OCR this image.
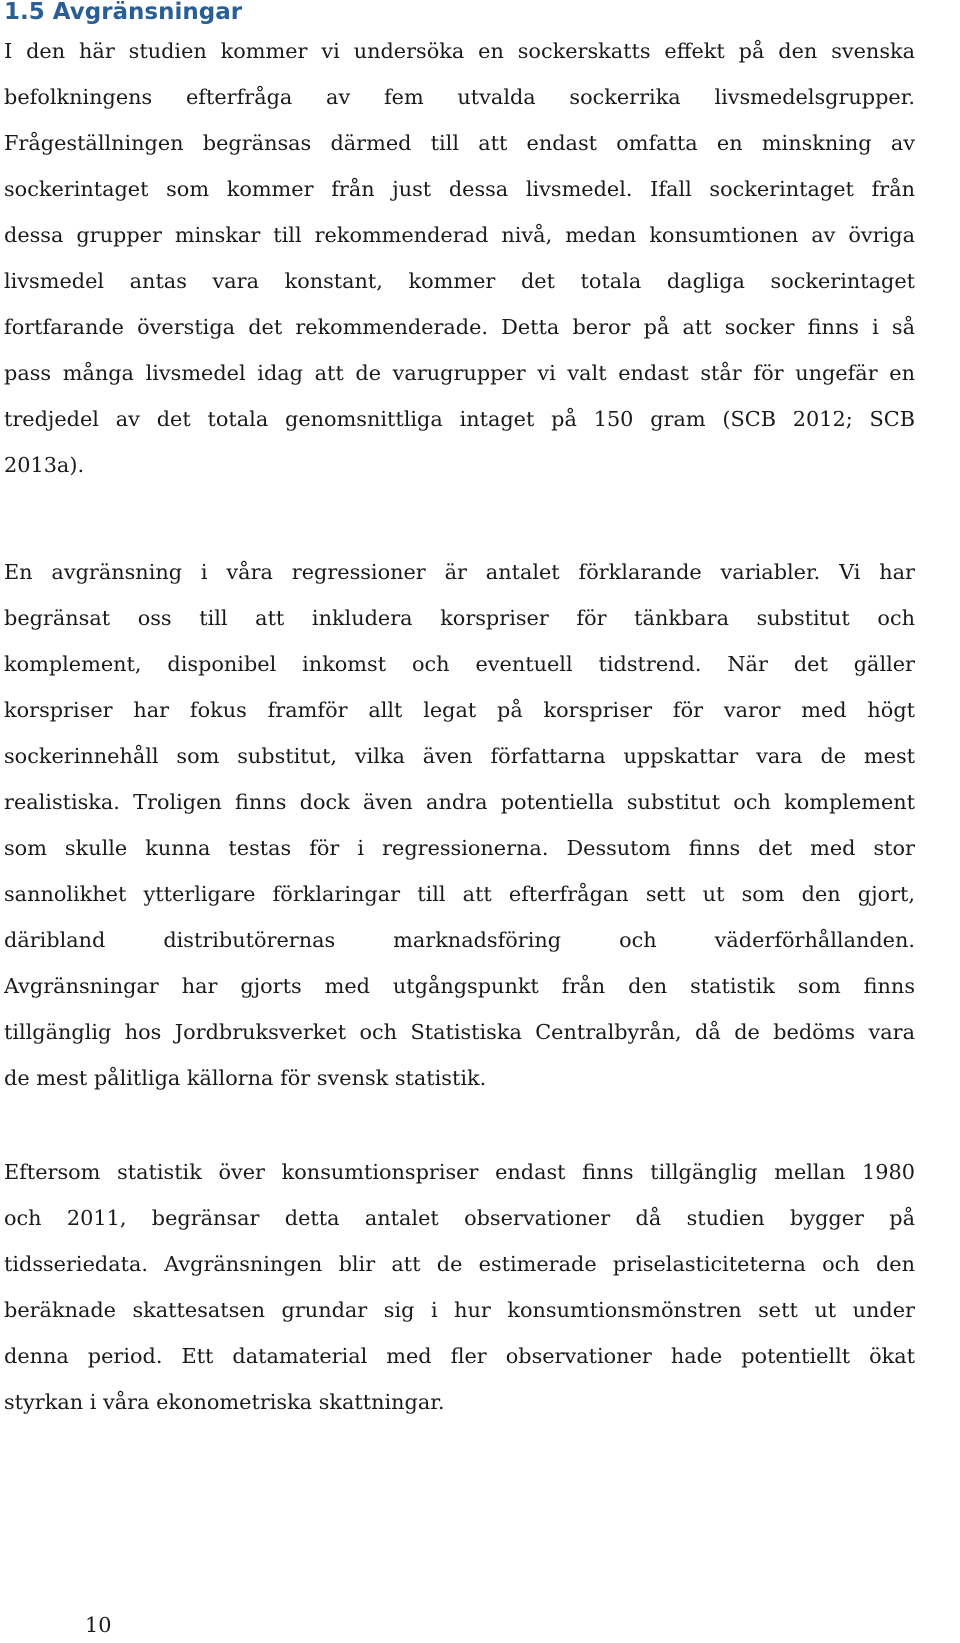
1.5 Avgränsningar
I den här studien kommer vi undersöka en sockerskatts effekt på den svenska
befolkningens efterfråga av fem utvalda sockerrika livsmedelsgrupper.
Frågeställningen begränsas därmed till att endast omfatta en minskning av
sockerintaget som kommer från just dessa livsmedel. Ifall sockerintaget från
dessa grupper minskar till rekommenderad nivå, medan konsumtionen av övriga
livsmedel antas vara konstant, kommer det totala dagliga sockerintaget
fortfarande överstiga det rekommenderade. Detta beror på att socker finns i så
pass många livsmedel idag att de varugrupper vi valt endast står för ungefär en
tredjedel av det totala genomsnittliga intaget på 150 gram (SCB 2012; SCB
2013a).
En avgränsning i våra regressioner är antalet förklarande variabler. Vi har
begränsat oss till att inkludera korspriser för tänkbara substitut och
komplement, disponibel inkomst och eventuell tidstrend. När det gäller
korspriser har fokus framför allt legat på korspriser för varor med högt
sockerinnehåll som substitut, vilka även författarna uppskattar vara de mest
realistiska. Troligen finns dock även andra potentiella substitut och komplement
som skulle kunna testas för i regressionerna. Dessutom finns det med stor
sannolikhet ytterligare förklaringar till att efterfrågan sett ut som den gjort,
däribland distributörernas marknadsföring och väderförhållanden.
Avgränsningar har gjorts med utgångspunkt från den statistik som finns
tillgänglig hos Jordbruksverket och Statistiska Centralbyrån, då de bedöms vara
de mest pålitliga källorna för svensk statistik.
Eftersom statistik över konsumtionspriser endast finns tillgänglig mellan 1980
och 2011, begränsar detta antalet observationer då studien bygger på
tidsseriedata. Avgränsningen blir att de estimerade priselasticiteterna och den
beräknade skattesatsen grundar sig i hur konsumtionsmönstren sett ut under
denna period. Ett datamaterial med fler observationer hade potentiellt ökat
styrkan i våra ekonometriska skattningar.
10
